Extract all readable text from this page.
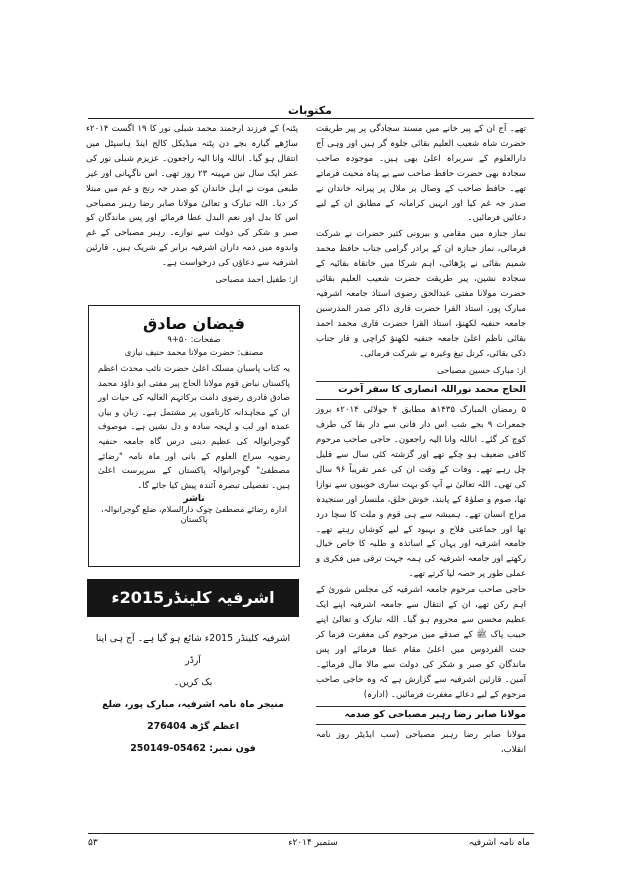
مکتوبات

تھے۔ آج ان کے پیر خانے میں مسند سجادگی پر پیر طریقت حضرت شاہ شعیب العلیم بقائی جلوہ گر ہیں اور وہی آج دارالعلوم کے سربراہ اعلیٰ بھی ہیں۔ موجودہ صاحب سجادہ بھی حضرت حافظ صاحب سے بے پناہ محبت فرماتے تھے۔ حافظ صاحب کے وصال پر ملال پر پیرانہ خاندان نے صدر جہ غم کیا اور انہیں کرامانہ کے مطابق ان کے لیے دعائیں فرمائیں۔

نماز جنازہ میں مقامی و بیرونی کثیر حضرات نے شرکت فرمائی، نماز جنازہ ان کے برادر گرامی جناب حافظ محمد شمیم بقائی نے پڑھائی، اہم شرکا میں خانقاہ بقائیہ کے سجادہ نشین، پیر طریقت حضرت شعیب العلیم بقائی حضرت مولانا مفتی عبدالحق رضوی استاذ جامعہ اشرفیہ مبارک پور، استاذ القرا حضرت قاری ذاکر صدر المدرسین جامعہ حنفیہ لکھنؤ، استاذ القرا حضرت قاری محمد احمد بقائی ناظم اعلیٰ جامعہ حنفیہ لکھنؤ کراچی و قار جناب ذکی بقائی، کرنل تیغ وغیرہ نے شرکت فرمائی۔

از: مبارک حسین مصباحی

الحاج محمد نوراللہ انصاری کا سفر آخرت

۵ رمضان المبارک ۱۴۳۵ھ مطابق ۴ جولائی ۲۰۱۴ء بروز جمعرات ۹ بجے شب اس دار فانی سے دار بقا کی طرف کوچ کر گئے۔ اناللہ وانا الیہ راجعون۔ حاجی صاحب مرحوم کافی ضعیف ہو چکے تھے اور گزشتہ کئی سال سے فلیل چل رہے تھے۔ وفات کے وقت ان کی عمر تقریباً ۹۶ سال کی تھی۔ اللہ تعالیٰ نے آپ کو بہت ساری خوبیوں سے نوازا تھا، صوم و صلوٰۃ کے پابند، خوش خلق، ملنسار اور سنجیدہ مزاج انسان تھے۔ ہمیشہ سے ہی قوم و ملت کا سچا درد تھا اور جماعتی فلاح و بہبود کے لیے کوشاں رہتے تھے۔ جامعہ اشرفیہ اور یہاں کے اساتذہ و طلبہ کا خاص خیال رکھتے اور جامعہ اشرفیہ کی ہمہ جہت ترقی میں فکری و عملی طور پر حصہ لیا کرتے تھے۔

حاجی صاحب مرحوم جامعہ اشرفیہ کی مجلس شوریٰ کے اہم رکن تھے، ان کے انتقال سے جامعہ اشرفیہ اپنے ایک عظیم محسن سے محروم ہو گیا۔ اللہ تبارک و تعالیٰ اپنے حبیب پاک ﷺ کے صدقے میں مرحوم کی مغفرت فرما کر جنت الفردوس میں اعلیٰ مقام عطا فرمائے اور پس ماندگان کو صبر و شکر کی دولت سے مالا مال فرمائے۔ آمین۔ قارئین اشرفیہ سے گزارش ہے کہ وہ حاجی صاحب مرحوم کے لیے دعائے مغفرت فرمائیں۔ (ادارہ)

مولانا صابر رضا رہبر مصباحی کو صدمہ

مولانا صابر رضا رہبر مصباحی (سب ایڈیٹر روز نامہ انقلاب،

پٹنہ) کے فرزند ارجمند محمد شبلی نور کا ۱۹ اگست ۲۰۱۴ء ساڑھے گیارہ بجے دن پٹنہ میڈیکل کالج اینڈ ہاسپٹل میں انتقال ہو گیا۔ اناللہ وانا الیہ راجعون۔ عزیزم شبلی نور کی عمر ایک سال تین مہینہ ۲۳ روز تھی۔ اس ناگہانی اور غیر طبعی موت نے اہل خاندان کو صدر جہ رنج و غم میں مبتلا کر دیا۔ اللہ تبارک و تعالیٰ مولانا صابر رضا رہبر مصباحی اس کا بدل اور نعم البدل عطا فرمائے اور پس ماندگان کو صبر و شکر کی دولت سے نوازے۔ رہبر مصباحی کے غم واندوہ میں ذمہ داران اشرفیہ برابر کے شریک ہیں۔ قارئین اشرفیہ سے دعاؤں کی درخواست ہے۔

از: طفیل احمد مصباحی

فیضان صادق
صفحات: ۵۰+۹
مصنف: حضرت مولانا محمد حنیف نیازی
یہ کتاب پاسبان مسلک اعلیٰ حضرت نائب محدث اعظم پاکستان نباض قوم مولانا الحاج پیر مفتی ابو داؤد محمد صادق قادری رضوی دامت برکاتہم العالیہ کی حیات اور ان کے مجاہدانہ کارناموں پر مشتمل ہے۔ زبان و بیان عمدہ اور لب و لہجہ سادہ و دل نشیں ہے۔ موصوف گوجرانوالہ کی عظیم دینی درس گاہ جامعہ حنفیہ رضویہ سراج العلوم کے بانی اور ماہ نامہ "رضائے مصطفیٰ" گوجرانوالہ پاکستان کے سرپرست اعلیٰ ہیں۔ تفصیلی تبصرہ آئندہ پیش کیا جائے گا۔
ناشر
ادارہ رضائے مصطفیٰ چوک دارالسلام، ضلع گوجرانوالہ، پاکستان
اشرفیہ کلینڈر2015ء
اشرفیہ کلینڈر 2015ء شائع ہو گیا ہے۔ آج ہی اپنا آرڈر
بک کریں۔
منیجر ماہ نامہ اشرفیہ، مبارک پور، ضلع اعظم گڑھ 276404
فون نمبر: 05462-250149
ماہ نامہ اشرفیہ
ستمبر ۲۰۱۴ء
۵۳
